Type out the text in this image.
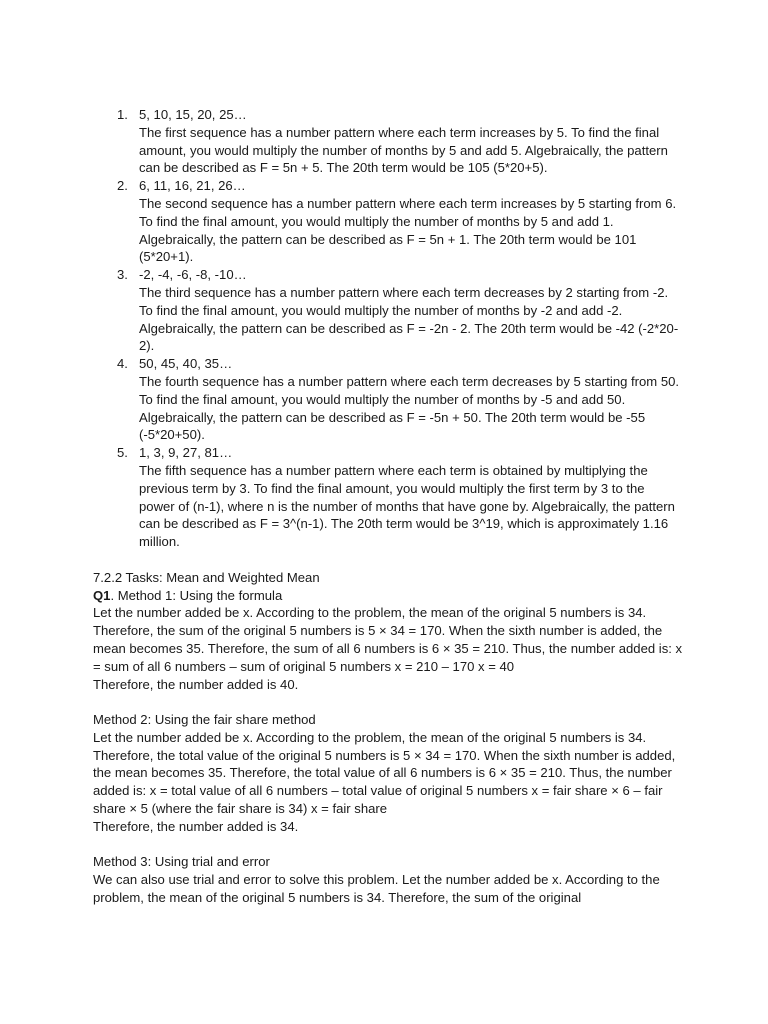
1. 5, 10, 15, 20, 25…
The first sequence has a number pattern where each term increases by 5. To find the final amount, you would multiply the number of months by 5 and add 5. Algebraically, the pattern can be described as F = 5n + 5. The 20th term would be 105 (5*20+5).
2. 6, 11, 16, 21, 26…
The second sequence has a number pattern where each term increases by 5 starting from 6. To find the final amount, you would multiply the number of months by 5 and add 1. Algebraically, the pattern can be described as F = 5n + 1. The 20th term would be 101 (5*20+1).
3. -2, -4, -6, -8, -10…
The third sequence has a number pattern where each term decreases by 2 starting from -2. To find the final amount, you would multiply the number of months by -2 and add -2. Algebraically, the pattern can be described as F = -2n - 2. The 20th term would be -42 (-2*20-2).
4. 50, 45, 40, 35…
The fourth sequence has a number pattern where each term decreases by 5 starting from 50. To find the final amount, you would multiply the number of months by -5 and add 50. Algebraically, the pattern can be described as F = -5n + 50. The 20th term would be -55 (-5*20+50).
5. 1, 3, 9, 27, 81…
The fifth sequence has a number pattern where each term is obtained by multiplying the previous term by 3. To find the final amount, you would multiply the first term by 3 to the power of (n-1), where n is the number of months that have gone by. Algebraically, the pattern can be described as F = 3^(n-1). The 20th term would be 3^19, which is approximately 1.16 million.
7.2.2 Tasks: Mean and Weighted Mean

Q1. Method 1: Using the formula
Let the number added be x. According to the problem, the mean of the original 5 numbers is 34. Therefore, the sum of the original 5 numbers is 5 × 34 = 170. When the sixth number is added, the mean becomes 35. Therefore, the sum of all 6 numbers is 6 × 35 = 210. Thus, the number added is: x = sum of all 6 numbers – sum of original 5 numbers x = 210 – 170 x = 40
Therefore, the number added is 40.

Method 2: Using the fair share method
Let the number added be x. According to the problem, the mean of the original 5 numbers is 34. Therefore, the total value of the original 5 numbers is 5 × 34 = 170. When the sixth number is added, the mean becomes 35. Therefore, the total value of all 6 numbers is 6 × 35 = 210. Thus, the number added is: x = total value of all 6 numbers – total value of original 5 numbers x = fair share × 6 – fair share × 5 (where the fair share is 34) x = fair share
Therefore, the number added is 34.

Method 3: Using trial and error
We can also use trial and error to solve this problem. Let the number added be x. According to the problem, the mean of the original 5 numbers is 34. Therefore, the sum of the original
